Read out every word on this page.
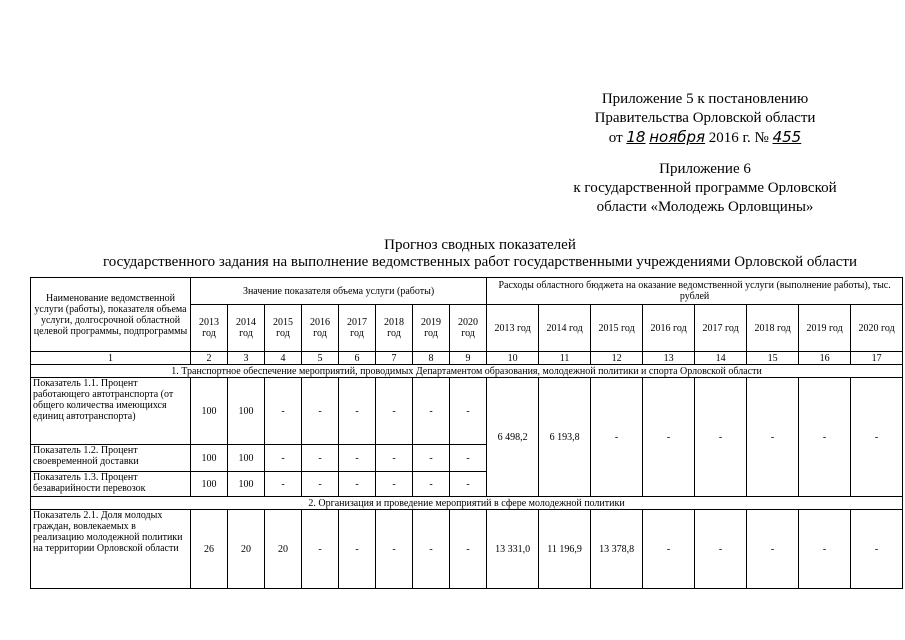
Приложение 5 к постановлению
Правительства Орловской области
от 18 ноября 2016 г. № 455
Приложение 6
к государственной программе Орловской
области «Молодежь Орловщины»
Прогноз сводных показателей
государственного задания на выполнение ведомственных работ государственными учреждениями Орловской области
Наименование ведомственной услуги (работы), показателя объема услуги, долгосрочной областной целевой программы, подпрограммы	Значение показателя объема услуги (работы)								Расходы областного бюджета на оказание ведомственной услуги (выполнение работы), тыс. рублей							
	2013 год	2014 год	2015 год	2016 год	2017 год	2018 год	2019 год	2020 год	2013 год	2014 год	2015 год	2016 год	2017 год	2018 год	2019 год	2020 год
1	2	3	4	5	6	7	8	9	10	11	12	13	14	15	16	17
1. Транспортное обеспечение мероприятий, проводимых Департаментом образования, молодежной политики и спорта Орловской области																
Показатель 1.1. Процент работающего автотранспорта (от общего количества имеющихся единиц автотранспорта)	100	100	-	-	-	-	-	-	6 498,2	6 193,8	-	-	-	-	-	-
Показатель 1.2. Процент своевременной доставки	100	100	-	-	-	-	-	-								
Показатель 1.3. Процент безаварийности перевозок	100	100	-	-	-	-	-	-								
2. Организация и проведение мероприятий в сфере молодежной политики																
Показатель 2.1. Доля молодых граждан, вовлекаемых в реализацию молодежной политики на территории Орловской области	26	20	20	-	-	-	-	-	13 331,0	11 196,9	13 378,8	-	-	-	-	-
